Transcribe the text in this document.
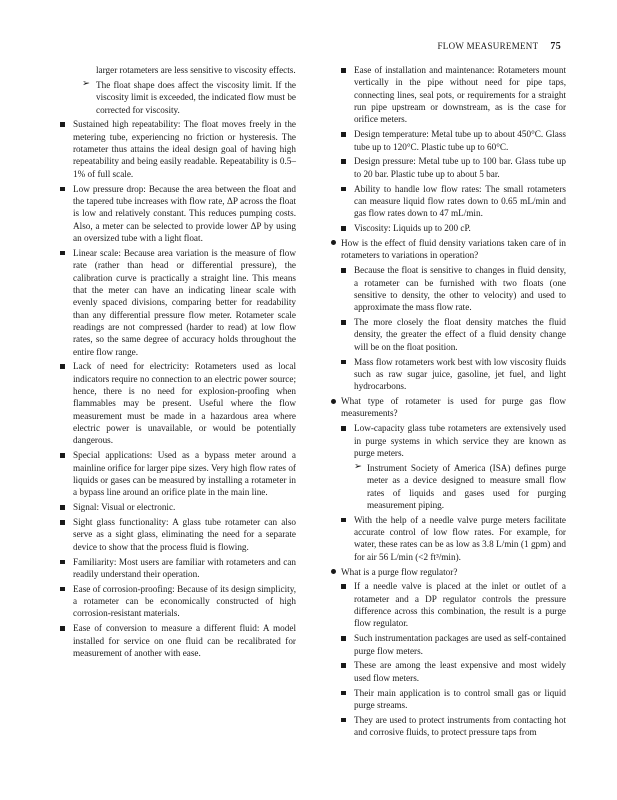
FLOW MEASUREMENT 75

larger rotameters are less sensitive to viscosity effects.

➢ The float shape does affect the viscosity limit. If the viscosity limit is exceeded, the indicated flow must be corrected for viscosity.

Sustained high repeatability: The float moves freely in the metering tube, experiencing no friction or hysteresis. The rotameter thus attains the ideal design goal of having high repeatability and being easily readable. Repeatability is 0.5–1% of full scale.

Low pressure drop: Because the area between the float and the tapered tube increases with flow rate, ΔP across the float is low and relatively constant. This reduces pumping costs. Also, a meter can be selected to provide lower ΔP by using an oversized tube with a light float.

Linear scale: Because area variation is the measure of flow rate (rather than head or differential pressure), the calibration curve is practically a straight line. This means that the meter can have an indicating linear scale with evenly spaced divisions, comparing better for readability than any differential pressure flow meter. Rotameter scale readings are not compressed (harder to read) at low flow rates, so the same degree of accuracy holds throughout the entire flow range.

Lack of need for electricity: Rotameters used as local indicators require no connection to an electric power source; hence, there is no need for explosion-proofing when flammables may be present. Useful where the flow measurement must be made in a hazardous area where electric power is unavailable, or would be potentially dangerous.

Special applications: Used as a bypass meter around a mainline orifice for larger pipe sizes. Very high flow rates of liquids or gases can be measured by installing a rotameter in a bypass line around an orifice plate in the main line.

Signal: Visual or electronic.

Sight glass functionality: A glass tube rotameter can also serve as a sight glass, eliminating the need for a separate device to show that the process fluid is flowing.

Familiarity: Most users are familiar with rotameters and can readily understand their operation.

Ease of corrosion-proofing: Because of its design simplicity, a rotameter can be economically constructed of high corrosion-resistant materials.

Ease of conversion to measure a different fluid: A model installed for service on one fluid can be recalibrated for measurement of another with ease.

Ease of installation and maintenance: Rotameters mount vertically in the pipe without need for pipe taps, connecting lines, seal pots, or requirements for a straight run pipe upstream or downstream, as is the case for orifice meters.

Design temperature: Metal tube up to about 450°C. Glass tube up to 120°C. Plastic tube up to 60°C.

Design pressure: Metal tube up to 100 bar. Glass tube up to 20 bar. Plastic tube up to about 5 bar.

Ability to handle low flow rates: The small rotameters can measure liquid flow rates down to 0.65 mL/min and gas flow rates down to 47 mL/min.

Viscosity: Liquids up to 200 cP.

How is the effect of fluid density variations taken care of in rotameters to variations in operation?

Because the float is sensitive to changes in fluid density, a rotameter can be furnished with two floats (one sensitive to density, the other to velocity) and used to approximate the mass flow rate.

The more closely the float density matches the fluid density, the greater the effect of a fluid density change will be on the float position.

Mass flow rotameters work best with low viscosity fluids such as raw sugar juice, gasoline, jet fuel, and light hydrocarbons.

What type of rotameter is used for purge gas flow measurements?

Low-capacity glass tube rotameters are extensively used in purge systems in which service they are known as purge meters.

➢ Instrument Society of America (ISA) defines purge meter as a device designed to measure small flow rates of liquids and gases used for purging measurement piping.

With the help of a needle valve purge meters facilitate accurate control of low flow rates. For example, for water, these rates can be as low as 3.8 L/min (1 gpm) and for air 56 L/min (<2 ft³/min).

What is a purge flow regulator?

If a needle valve is placed at the inlet or outlet of a rotameter and a DP regulator controls the pressure difference across this combination, the result is a purge flow regulator.

Such instrumentation packages are used as self-contained purge flow meters.

These are among the least expensive and most widely used flow meters.

Their main application is to control small gas or liquid purge streams.

They are used to protect instruments from contacting hot and corrosive fluids, to protect pressure taps from
